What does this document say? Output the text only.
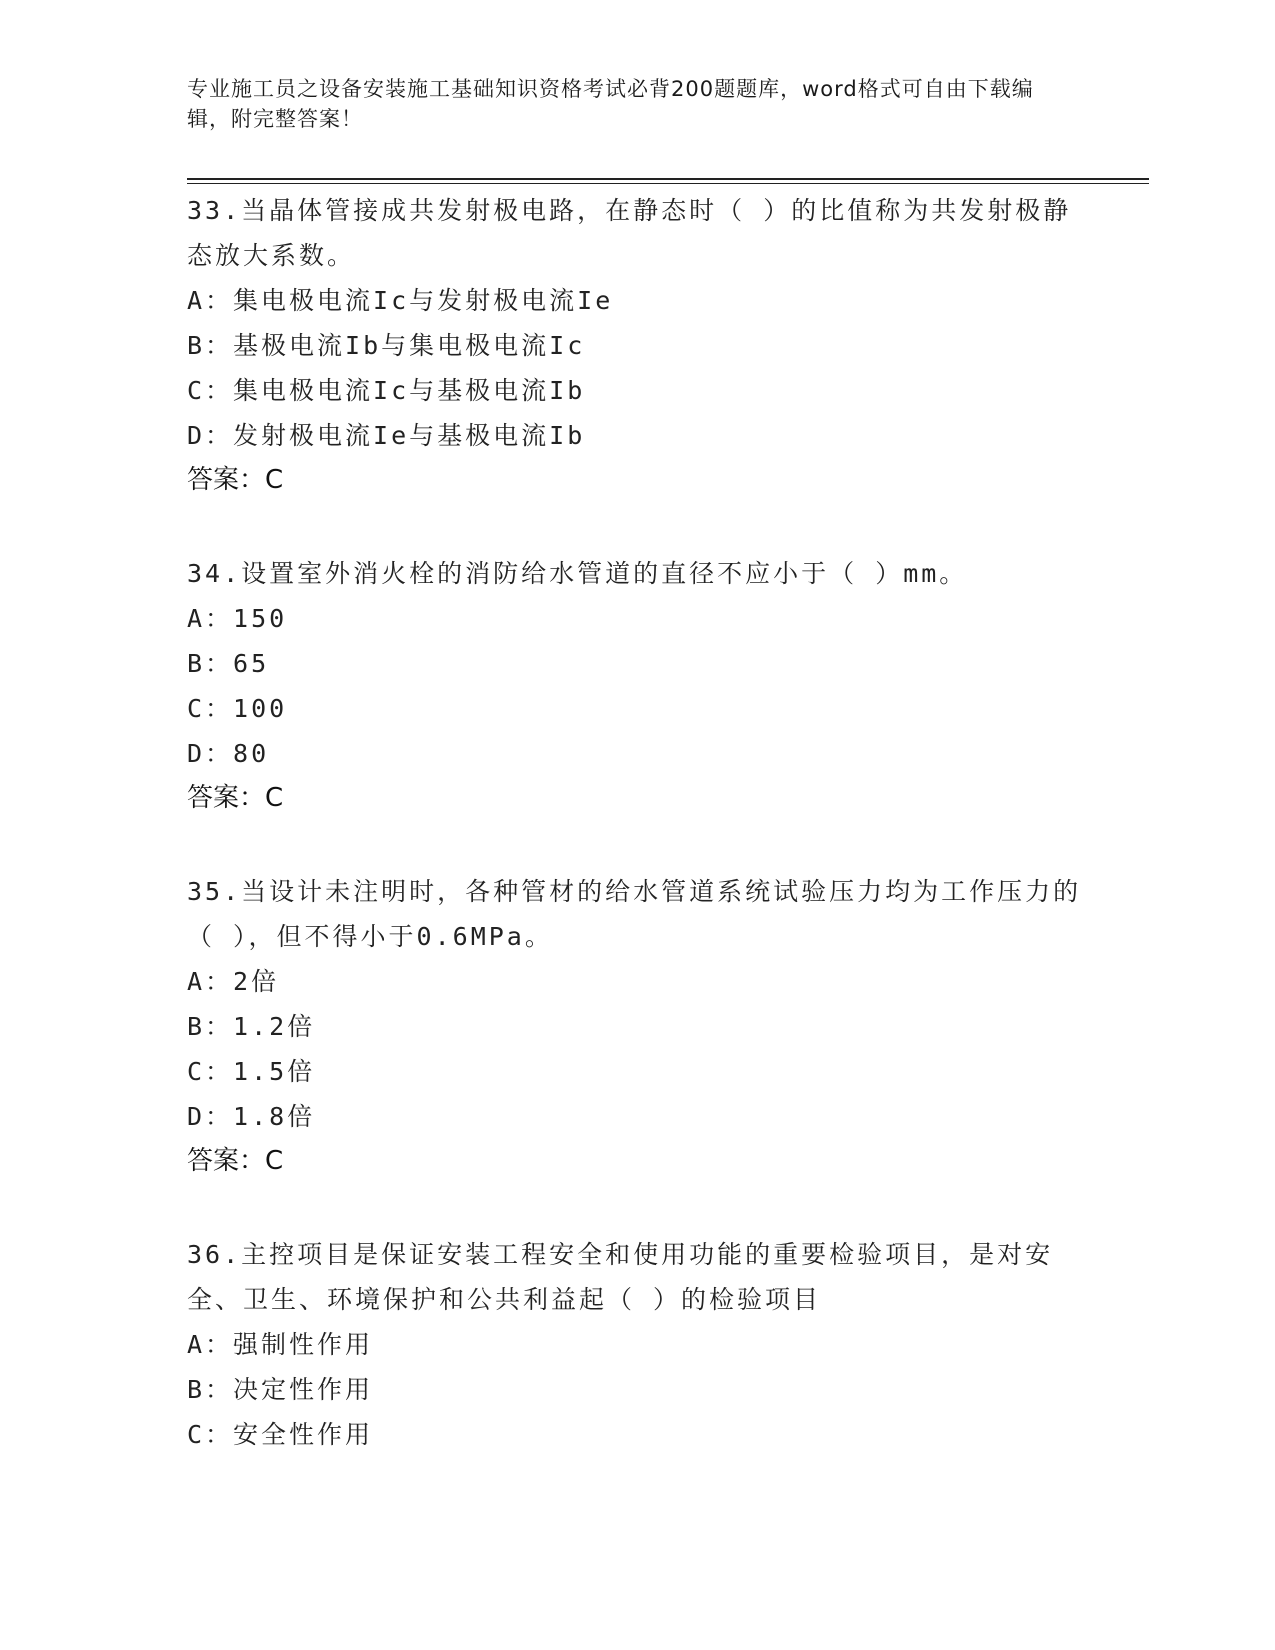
专业施工员之设备安装施工基础知识资格考试必背200题题库，word格式可自由下载编辑，附完整答案！

33.当晶体管接成共发射极电路，在静态时（ ）的比值称为共发射极静态放大系数。

A：集电极电流Ic与发射极电流Ie

B：基极电流Ib与集电极电流Ic

C：集电极电流Ic与基极电流Ib

D：发射极电流Ie与基极电流Ib

答案：C

34.设置室外消火栓的消防给水管道的直径不应小于（ ）mm。

A：150

B：65

C：100

D：80

答案：C

35.当设计未注明时，各种管材的给水管道系统试验压力均为工作压力的（ ），但不得小于0.6MPa。

A：2倍

B：1.2倍

C：1.5倍

D：1.8倍

答案：C

36.主控项目是保证安装工程安全和使用功能的重要检验项目，是对安全、卫生、环境保护和公共利益起（ ）的检验项目

A：强制性作用

B：决定性作用

C：安全性作用
